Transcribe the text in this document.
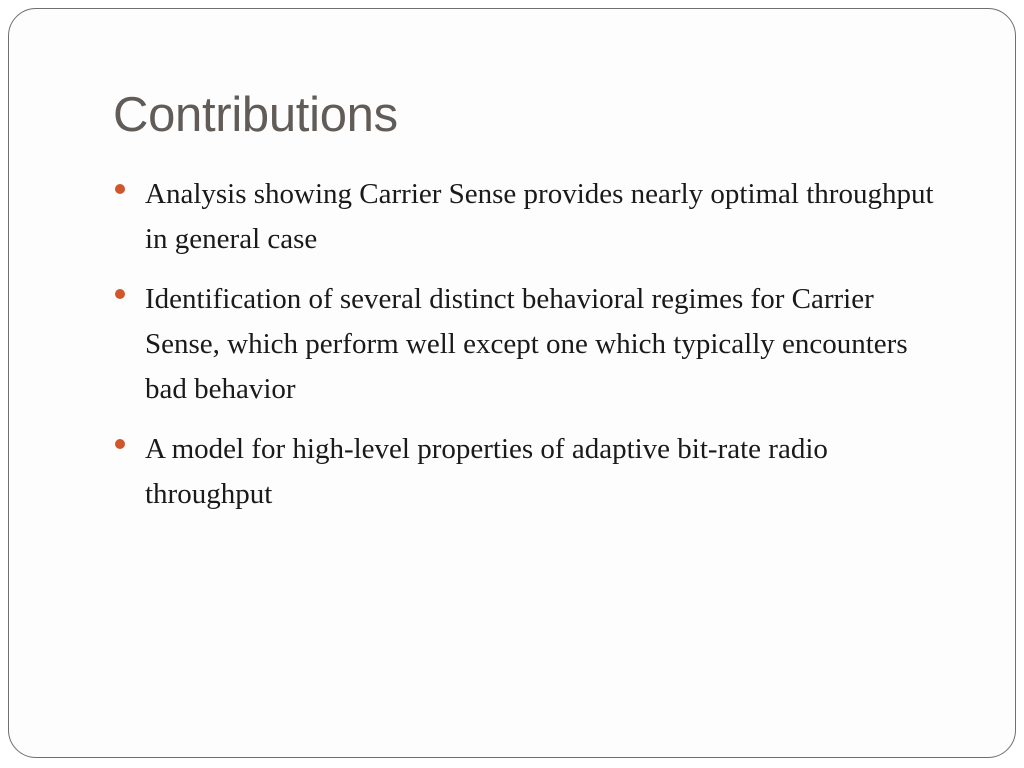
Contributions
Analysis showing Carrier Sense provides nearly optimal throughput  in general case
Identification of several distinct behavioral regimes for Carrier Sense, which perform well except one which typically encounters bad behavior
A model for high-level properties of adaptive bit-rate radio throughput
